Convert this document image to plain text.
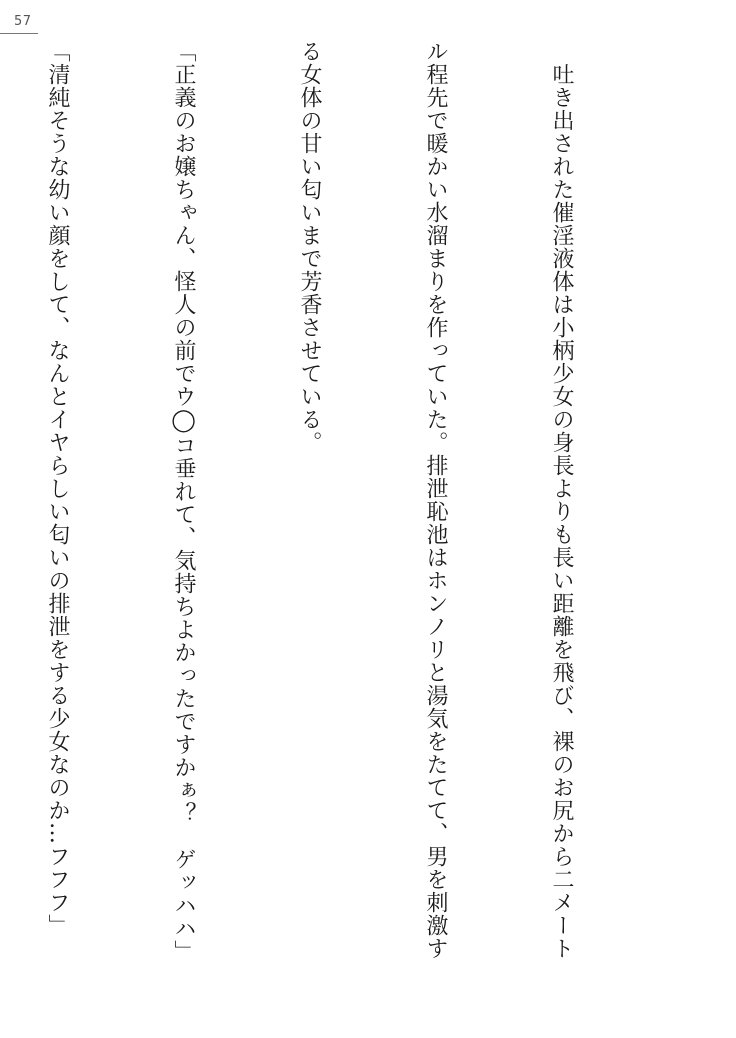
57

　吐き出された催淫液体は小柄少女の身長よりも長い距離を飛び、裸のお尻から二メート

ル程先で暖かい水溜まりを作っていた。排泄恥池はホンノリと湯気をたてて、男を刺激す

る女体の甘い匂いまで芳香させている。

「正義のお嬢ちゃん、怪人の前でウ◯コ垂れて、気持ちよかったですかぁ？　ゲッハハ」

「清純そうな幼い顔をして、なんとイヤらしい匂いの排泄をする少女なのか…フフフ」
